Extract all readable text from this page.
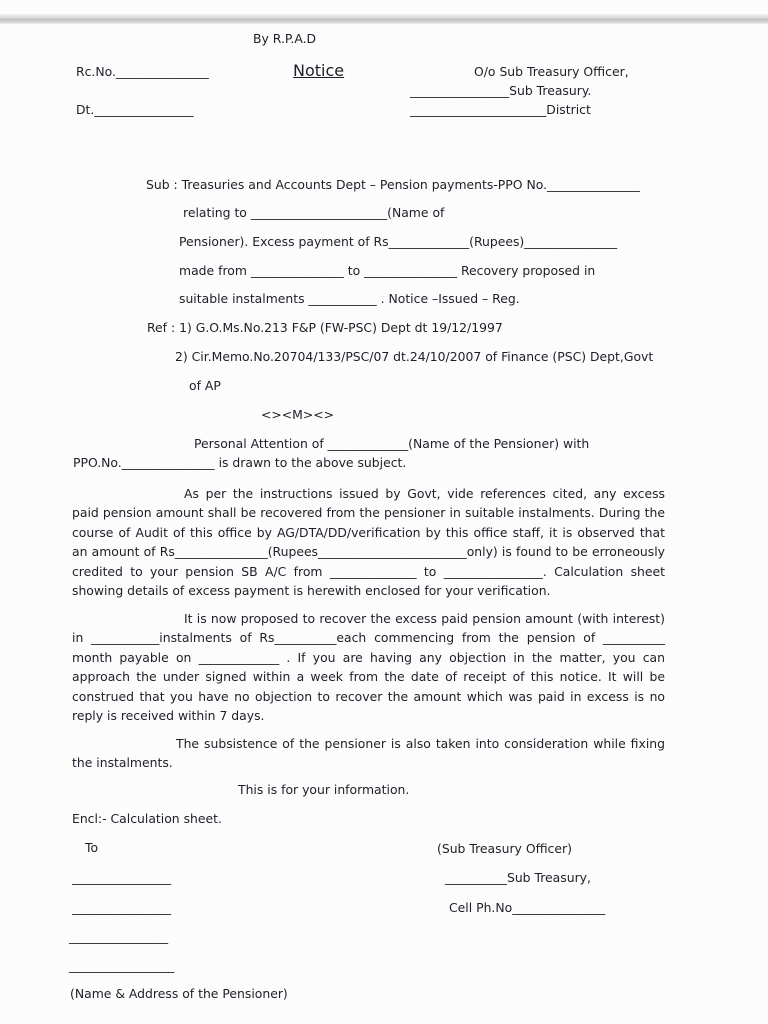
By R.P.A.D
Rc.No._______________	Notice	O/o Sub Treasury Officer,
________________Sub Treasury.
Dt.________________	______________________District
Sub : Treasuries and Accounts Dept – Pension payments-PPO No._______________
relating to ______________________(Name of
Pensioner). Excess payment of Rs_____________(Rupees)_______________
made from _______________ to _______________ Recovery proposed in
suitable instalments ___________ . Notice –Issued – Reg.
Ref : 1) G.O.Ms.No.213 F&P (FW-PSC) Dept dt 19/12/1997
2) Cir.Memo.No.20704/133/PSC/07 dt.24/10/2007 of Finance (PSC) Dept,Govt
of AP
<><M><>
Personal Attention of _____________(Name of the Pensioner) with
PPO.No._______________ is drawn to the above subject.
As per the instructions issued by Govt, vide references cited, any excess paid pension amount shall be recovered from the pensioner in suitable instalments. During the course of Audit of this office by AG/DTA/DD/verification by this office staff, it is observed that an amount of Rs_______________(Rupees________________________only) is found to be erroneously credited to your pension SB A/C from ______________ to ________________. Calculation sheet showing details of excess payment is herewith enclosed for your verification.
It is now proposed to recover the excess paid pension amount (with interest) in ___________instalments of Rs__________each commencing from the pension of __________ month payable on _____________ . If you are having any objection in the matter, you can approach the under signed within a week from the date of receipt of this notice. It will be construed that you have no objection to recover the amount which was paid in excess is no reply is received within 7 days.
The subsistence of the pensioner is also taken into consideration while fixing the instalments.
This is for your information.
Encl:- Calculation sheet.
To	(Sub Treasury Officer)
________________	__________Sub Treasury,
________________	Cell Ph.No_______________
________________
_________________
(Name & Address of the Pensioner)
